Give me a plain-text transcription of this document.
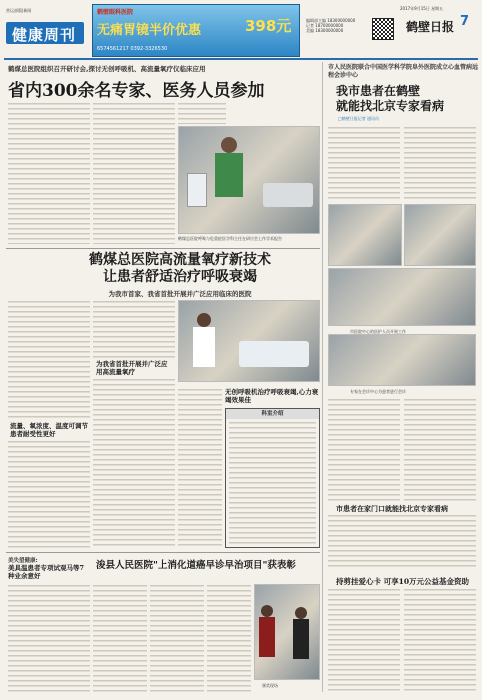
营运部版|新闻
健康周刊
鹤壁眼科医院
无痛胃镜半价优惠	398元
6574561217 0392-3326530
编辑部主编 18300000000
记者 18700000000
美编 18300000000
2017年9月15日 星期五
鹤壁日报 7
鹤煤总医院组织召开研讨会,探讨无创呼吸机、高流量氧疗仪临床应用
省内300余名专家、医务人员参加
鹤煤总医院呼吸与危重症医学科主任在研讨会上作学术报告
市人民医院联合中国医学科学院阜外医院成立心血管病远程会诊中心
我市患者在鹤壁
就能找北京专家看病
□鹤壁日报记者 通讯员
市医院中心的医护人员开展工作
专家在会诊中心为患者进行会诊
市患者在家门口就能找北京专家看病
持剪挂爱心卡 可享10万元公益基金资助
鹤煤总医院高流量氧疗新技术
让患者舒适治疗呼吸衰竭
为我市首家、我省首批开展并广泛应用临床的医院
流量、氧浓度、温度可调节患者耐受性更好
为我省首批开展并广泛应用高流量氧疗
无创呼吸机治疗呼吸衰竭,心力衰竭效果佳
科室介绍
美失望健康:
美具温患者专项试观马等7种业余意好
浚县人民医院"上消化道癌早诊早治项目"获表彰
颁奖现场
